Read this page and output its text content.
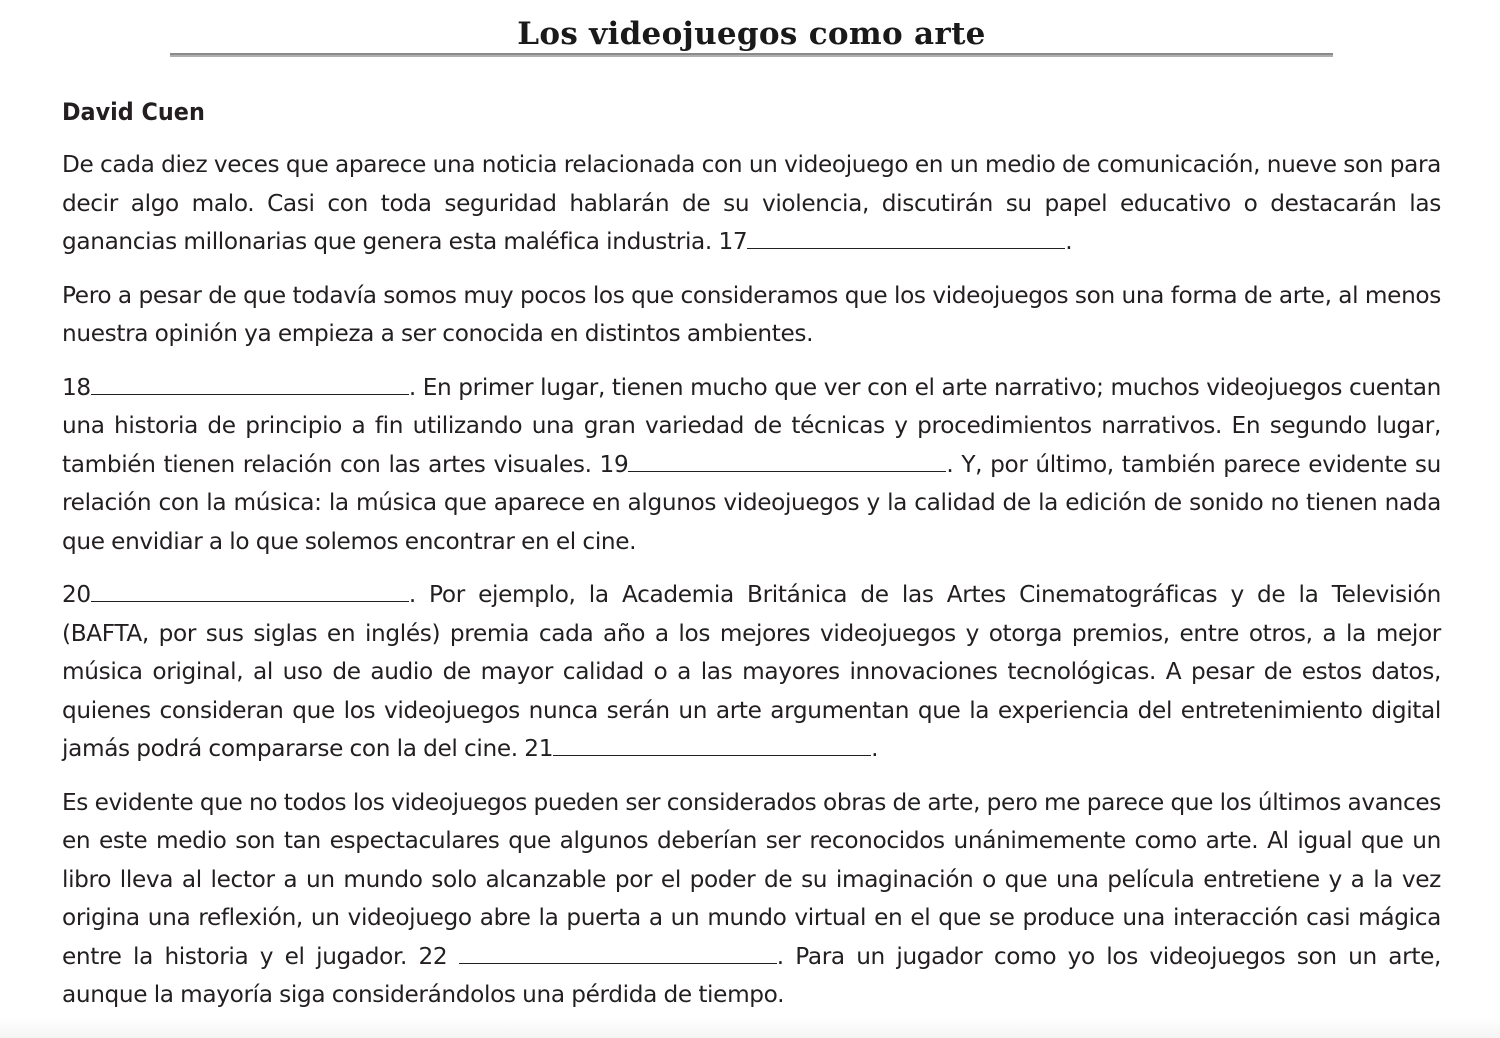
Los videojuegos como arte
David Cuen

De cada diez veces que aparece una noticia relacionada con un videojuego en un medio de comunicación, nueve son para decir algo malo. Casi con toda seguridad hablarán de su violencia, discutirán su papel educativo o destacarán las ganancias millonarias que genera esta maléfica industria. 17	.

Pero a pesar de que todavía somos muy pocos los que consideramos que los videojuegos son una forma de arte, al menos nuestra opinión ya empieza a ser conocida en distintos ambientes.

18	. En primer lugar, tienen mucho que ver con el arte narrativo; muchos videojuegos cuentan una historia de principio a fin utilizando una gran variedad de técnicas y procedimientos narrativos. En segundo lugar, también tienen relación con las artes visuales. 19	. Y, por último, también parece evidente su relación con la música: la música que aparece en algunos videojuegos y la calidad de la edición de sonido no tienen nada que envidiar a lo que solemos encontrar en el cine.

20	. Por ejemplo, la Academia Británica de las Artes Cinematográficas y de la Televisión (BAFTA, por sus siglas en inglés) premia cada año a los mejores videojuegos y otorga premios, entre otros, a la mejor música original, al uso de audio de mayor calidad o a las mayores innovaciones tecnológicas. A pesar de estos datos, quienes consideran que los videojuegos nunca serán un arte argumentan que la experiencia del entretenimiento digital jamás podrá compararse con la del cine. 21	.

Es evidente que no todos los videojuegos pueden ser considerados obras de arte, pero me parece que los últimos avances en este medio son tan espectaculares que algunos deberían ser reconocidos unánimemente como arte. Al igual que un libro lleva al lector a un mundo solo alcanzable por el poder de su imaginación o que una película entretiene y a la vez origina una reflexión, un videojuego abre la puerta a un mundo virtual en el que se produce una interacción casi mágica entre la historia y el jugador. 22	. Para un jugador como yo los videojuegos son un arte, aunque la mayoría siga considerándolos una pérdida de tiempo.
